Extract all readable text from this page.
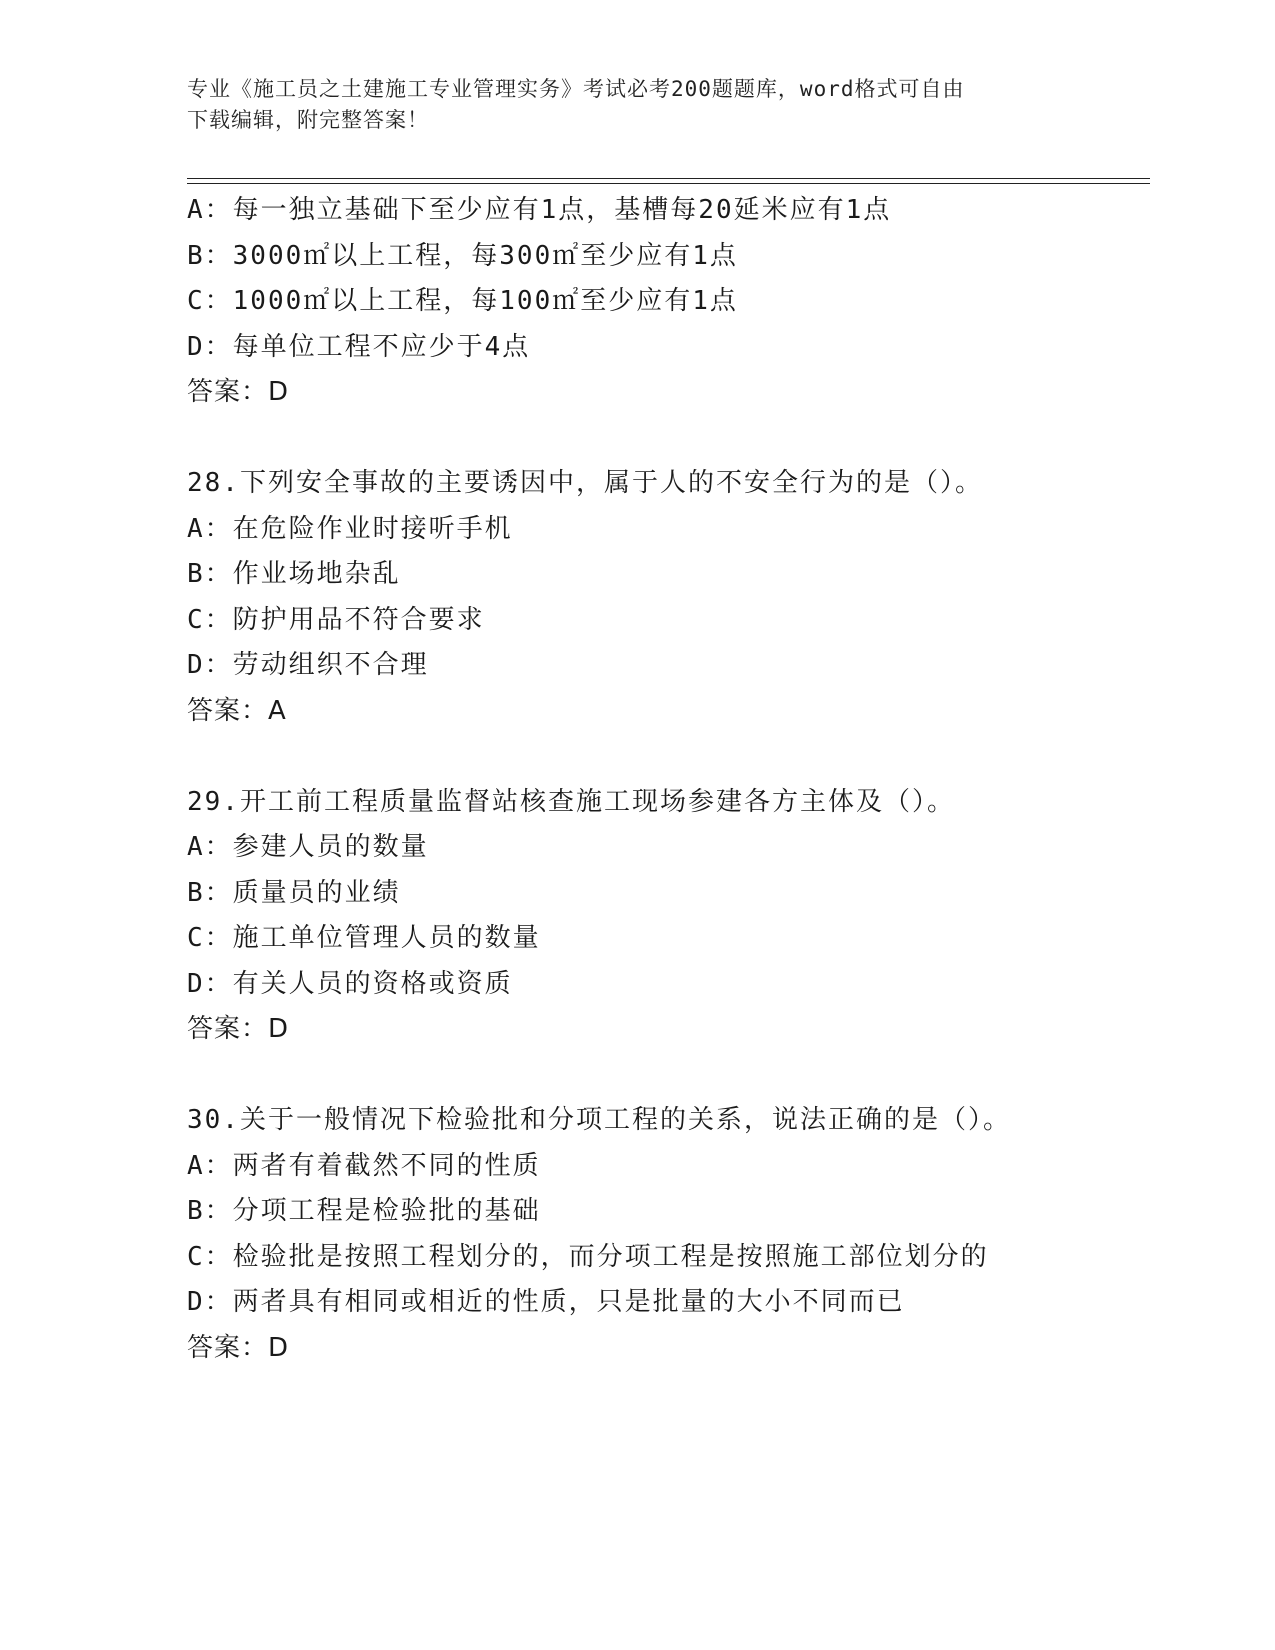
专业《施工员之土建施工专业管理实务》考试必考200题题库，word格式可自由
下载编辑，附完整答案！
A：每一独立基础下至少应有1点，基槽每20延米应有1点
B：3000㎡以上工程，每300㎡至少应有1点
C：1000㎡以上工程，每100㎡至少应有1点
D：每单位工程不应少于4点
答案：D
28.下列安全事故的主要诱因中，属于人的不安全行为的是（）。
A：在危险作业时接听手机
B：作业场地杂乱
C：防护用品不符合要求
D：劳动组织不合理
答案：A
29.开工前工程质量监督站核查施工现场参建各方主体及（）。
A：参建人员的数量
B：质量员的业绩
C：施工单位管理人员的数量
D：有关人员的资格或资质
答案：D
30.关于一般情况下检验批和分项工程的关系，说法正确的是（）。
A：两者有着截然不同的性质
B：分项工程是检验批的基础
C：检验批是按照工程划分的，而分项工程是按照施工部位划分的
D：两者具有相同或相近的性质，只是批量的大小不同而已
答案：D
